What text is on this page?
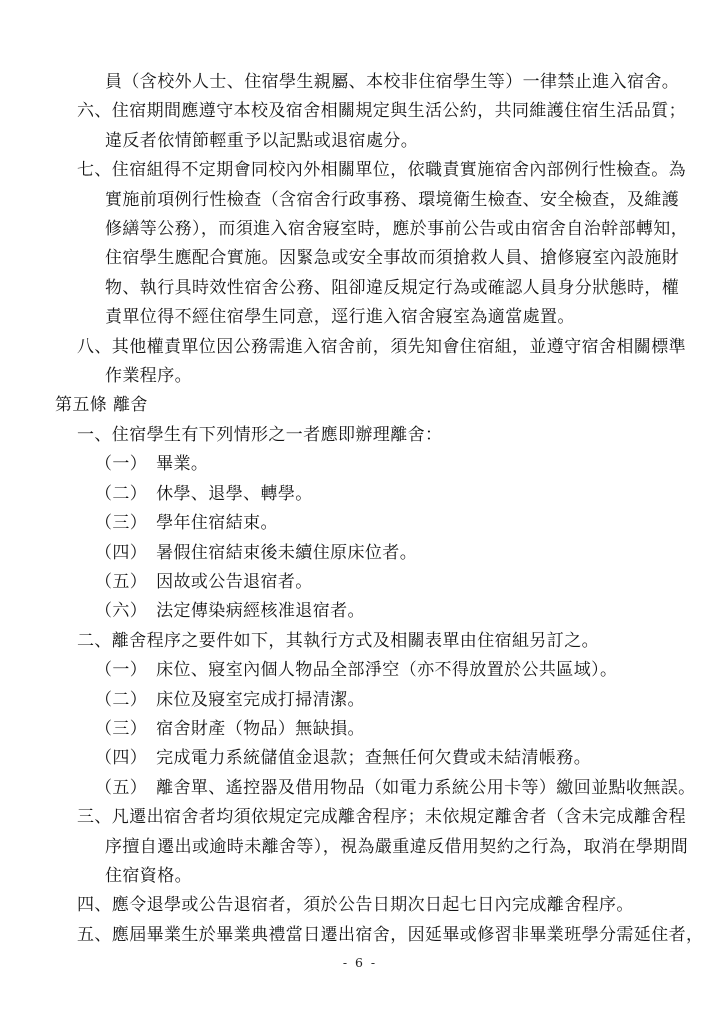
員（含校外人士、住宿學生親屬、本校非住宿學生等）一律禁止進入宿舍。
六、住宿期間應遵守本校及宿舍相關規定與生活公約，共同維護住宿生活品質；
違反者依情節輕重予以記點或退宿處分。
七、住宿組得不定期會同校內外相關單位，依職責實施宿舍內部例行性檢查。為
實施前項例行性檢查（含宿舍行政事務、環境衛生檢查、安全檢查，及維護
修繕等公務），而須進入宿舍寢室時，應於事前公告或由宿舍自治幹部轉知，
住宿學生應配合實施。因緊急或安全事故而須搶救人員、搶修寢室內設施財
物、執行具時效性宿舍公務、阻卻違反規定行為或確認人員身分狀態時，權
責單位得不經住宿學生同意，逕行進入宿舍寢室為適當處置。
八、其他權責單位因公務需進入宿舍前，須先知會住宿組，並遵守宿舍相關標準
作業程序。
第五條 離舍
一、住宿學生有下列情形之一者應即辦理離舍：
（一）　畢業。
（二）　休學、退學、轉學。
（三）　學年住宿結束。
（四）　暑假住宿結束後未續住原床位者。
（五）　因故或公告退宿者。
（六）　法定傳染病經核准退宿者。
二、離舍程序之要件如下，其執行方式及相關表單由住宿組另訂之。
（一）　床位、寢室內個人物品全部淨空（亦不得放置於公共區域）。
（二）　床位及寢室完成打掃清潔。
（三）　宿舍財產（物品）無缺損。
（四）　完成電力系統儲值金退款；查無任何欠費或未結清帳務。
（五）　離舍單、遙控器及借用物品（如電力系統公用卡等）繳回並點收無誤。
三、凡遷出宿舍者均須依規定完成離舍程序；未依規定離舍者（含未完成離舍程
序擅自遷出或逾時未離舍等），視為嚴重違反借用契約之行為，取消在學期間
住宿資格。
四、應令退學或公告退宿者，須於公告日期次日起七日內完成離舍程序。
五、應屆畢業生於畢業典禮當日遷出宿舍，因延畢或修習非畢業班學分需延住者，
- 6 -
